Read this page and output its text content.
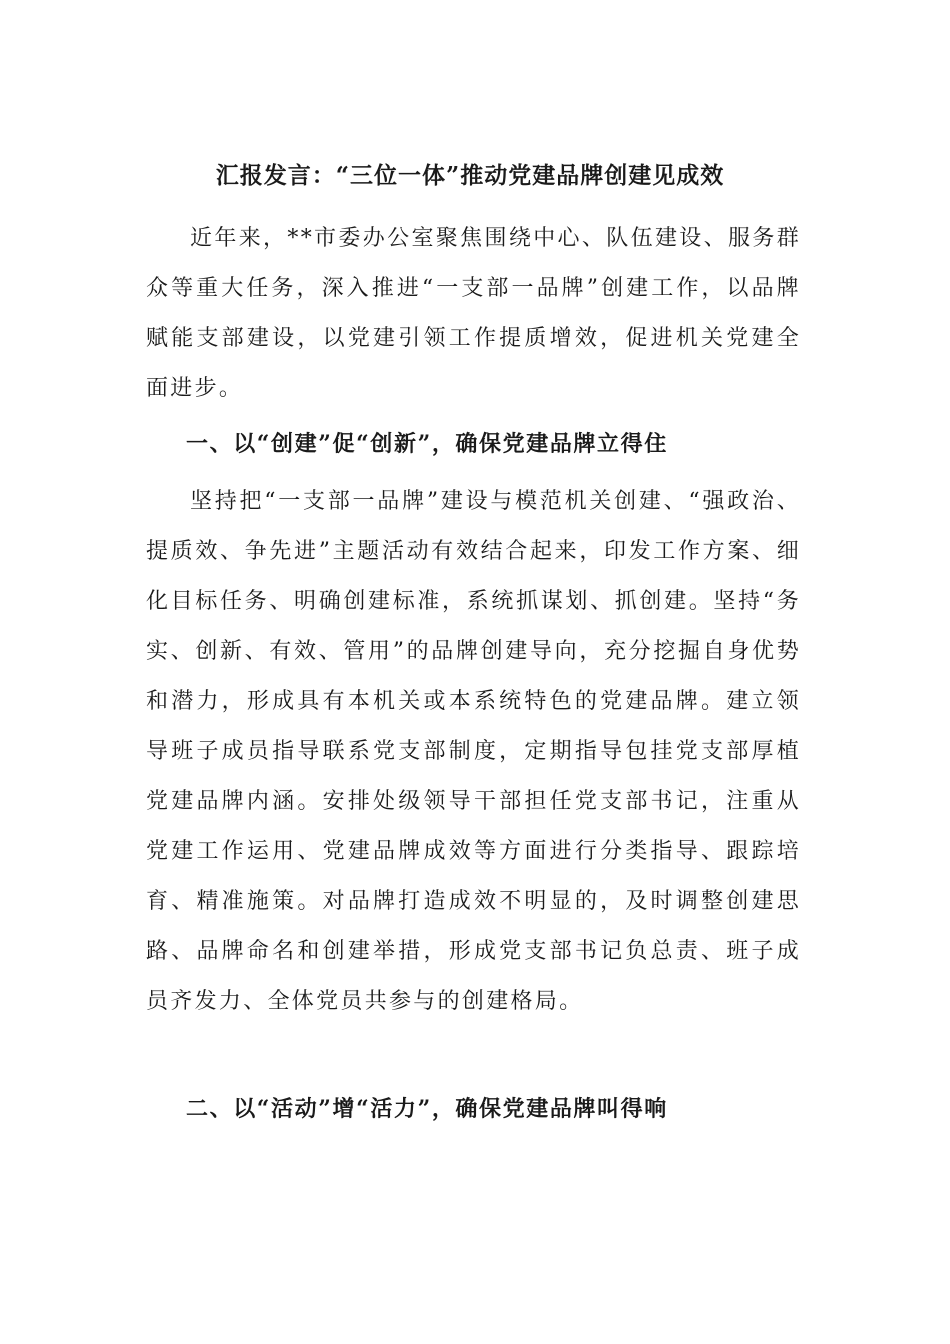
汇报发言：“三位一体”推动党建品牌创建见成效
近年来，**市委办公室聚焦围绕中心、队伍建设、服务群众等重大任务，深入推进“一支部一品牌”创建工作，以品牌赋能支部建设，以党建引领工作提质增效，促进机关党建全面进步。
一、以“创建”促“创新”，确保党建品牌立得住
坚持把“一支部一品牌”建设与模范机关创建、“强政治、提质效、争先进”主题活动有效结合起来，印发工作方案、细化目标任务、明确创建标准，系统抓谋划、抓创建。坚持“务实、创新、有效、管用”的品牌创建导向，充分挖掘自身优势和潜力，形成具有本机关或本系统特色的党建品牌。建立领导班子成员指导联系党支部制度，定期指导包挂党支部厚植党建品牌内涵。安排处级领导干部担任党支部书记，注重从党建工作运用、党建品牌成效等方面进行分类指导、跟踪培育、精准施策。对品牌打造成效不明显的，及时调整创建思路、品牌命名和创建举措，形成党支部书记负总责、班子成员齐发力、全体党员共参与的创建格局。
二、以“活动”增“活力”，确保党建品牌叫得响
